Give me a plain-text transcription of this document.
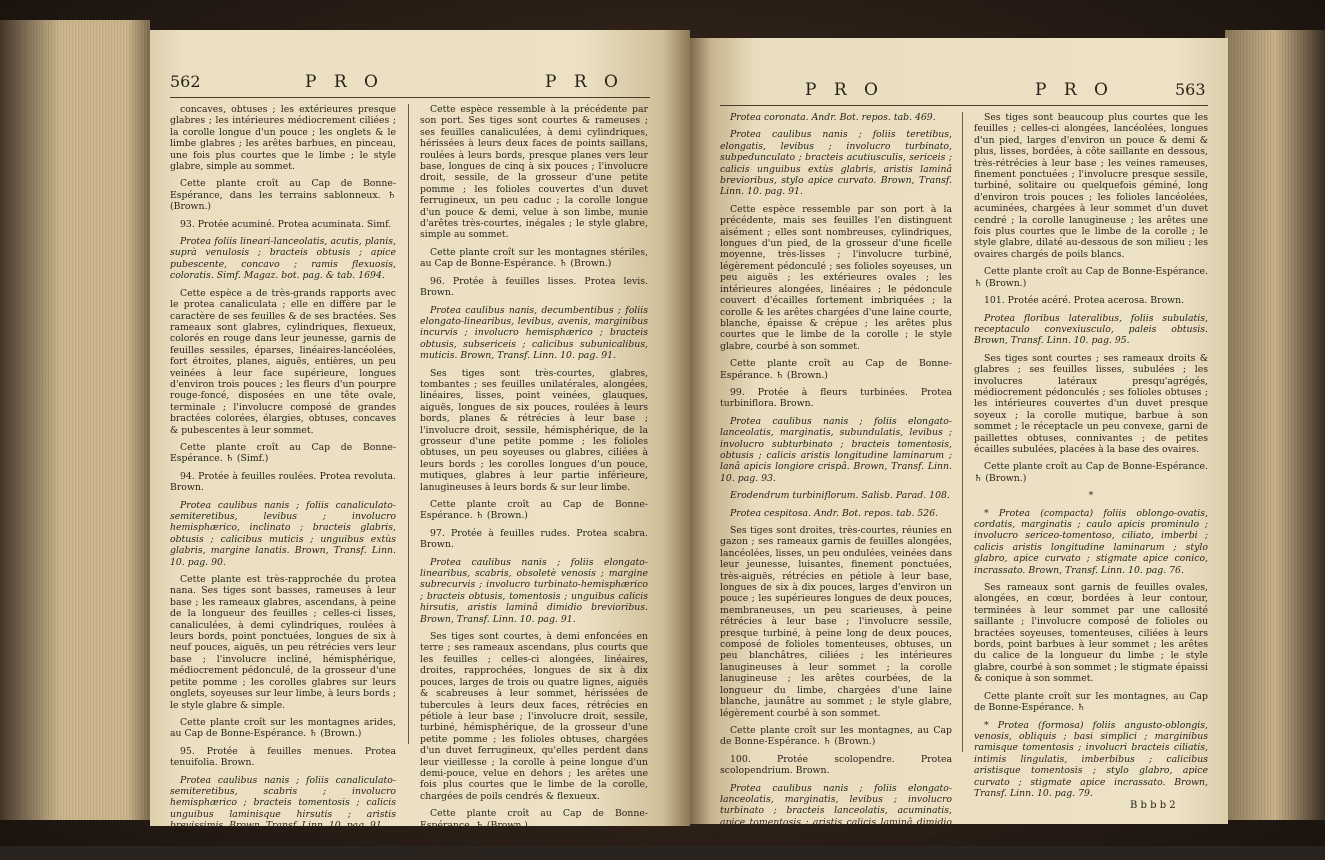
562	P R O	P R O

concaves, obtuses ; les extérieures presque glabres ; les intérieures médiocrement ciliées ; la corolle longue d'un pouce ; les onglets & le limbe glabres ; les arêtes barbues, en pinceau, une fois plus courtes que le limbe ; le style glabre, simple au sommet.

Cette plante croît au Cap de Bonne-Espérance, dans les terrains sablonneux. ♄ (Brown.)

93. Protée acuminé. Protea acuminata. Simf.

Protea foliis lineari-lanceolatis, acutis, planis, suprà venulosis ; bracteis obtusis ; apice pubescente, concavo ; ramis flexuosis, coloratis. Simf. Magaz. bot. pag. & tab. 1694.

Cette espèce a de très-grands rapports avec le protea canaliculata ; elle en diffère par le caractère de ses feuilles & de ses bractées. Ses rameaux sont glabres, cylindriques, flexueux, colorés en rouge dans leur jeunesse, garnis de feuilles sessiles, éparses, linéaires-lancéolées, fort étroites, planes, aiguës, entières, un peu veinées à leur face supérieure, longues d'environ trois pouces ; les fleurs d'un pourpre rouge-foncé, disposées en une tête ovale, terminale ; l'involucre composé de grandes bractées colorées, élargies, obtuses, concaves & pubescentes à leur sommet.

Cette plante croît au Cap de Bonne-Espérance. ♄ (Simf.)

94. Protée à feuilles roulées. Protea revoluta. Brown.

Protea caulibus nanis ; foliis canaliculato-semiteretibus, levibus ; involucro hemisphærico, inclinato ; bracteis glabris, obtusis ; calicibus muticis ; unguibus extùs glabris, margine lanatis. Brown, Transf. Linn. 10. pag. 90.

Cette plante est très-rapprochée du protea nana. Ses tiges sont basses, rameuses à leur base ; les rameaux glabres, ascendans, à peine de la longueur des feuilles ; celles-ci lisses, canaliculées, à demi cylindriques, roulées à leurs bords, point ponctuées, longues de six à neuf pouces, aiguës, un peu rétrécies vers leur base ; l'involucre incliné, hémisphérique, médiocrement pédonculé, de la grosseur d'une petite pomme ; les corolles glabres sur leurs onglets, soyeuses sur leur limbe, à leurs bords ; le style glabre & simple.

Cette plante croît sur les montagnes arides, au Cap de Bonne-Espérance. ♄ (Brown.)

95. Protée à feuilles menues. Protea tenuifolia. Brown.

Protea caulibus nanis ; foliis canaliculato-semiteretibus, scabris ; involucro hemisphærico ; bracteis tomentosis ; calicis unguibus laminisque hirsutis ; aristis brevissimis. Brown, Transf. Linn. 10. pag. 91.

Cette espèce ressemble à la précédente par son port. Ses tiges sont courtes & rameuses ; ses feuilles canaliculées, à demi cylindriques, hérissées à leurs deux faces de points saillans, roulées à leurs bords, presque planes vers leur base, longues de cinq à six pouces ; l'involucre droit, sessile, de la grosseur d'une petite pomme ; les folioles couvertes d'un duvet ferrugineux, un peu caduc ; la corolle longue d'un pouce & demi, velue à son limbe, munie d'arêtes très-courtes, inégales ; le style glabre, simple au sommet.

Cette plante croît sur les montagnes stériles, au Cap de Bonne-Espérance. ♄ (Brown.)

96. Protée à feuilles lisses. Protea levis. Brown.

Protea caulibus nanis, decumbentibus ; foliis elongato-linearibus, levibus, avenis, marginibus incurvis ; involucro hemisphærico ; bracteis obtusis, subsericeis ; calicibus subunicalibus, muticis. Brown, Transf. Linn. 10. pag. 91.

Ses tiges sont très-courtes, glabres, tombantes ; ses feuilles unilatérales, alongées, linéaires, lisses, point veinées, glauques, aiguës, longues de six pouces, roulées à leurs bords, planes & rétrécies à leur base ; l'involucre droit, sessile, hémisphérique, de la grosseur d'une petite pomme ; les folioles obtuses, un peu soyeuses ou glabres, ciliées à leurs bords ; les corolles longues d'un pouce, mutiques, glabres à leur partie inférieure, lanugineuses à leurs bords & sur leur limbe.

Cette plante croît au Cap de Bonne-Espérance. ♄ (Brown.)

97. Protée à feuilles rudes. Protea scabra. Brown.

Protea caulibus nanis ; foliis elongato-linearibus, scabris, obsoletè venosis ; margine subrecurvis ; involucro turbinato-hemisphærico ; bracteis obtusis, tomentosis ; unguibus calicis hirsutis, aristis laminâ dimidio brevioribus. Brown, Transf. Linn. 10. pag. 91.

Ses tiges sont courtes, à demi enfoncées en terre ; ses rameaux ascendans, plus courts que les feuilles ; celles-ci alongées, linéaires, droites, rapprochées, longues de six à dix pouces, larges de trois ou quatre lignes, aiguës & scabreuses à leur sommet, hérissées de tubercules à leurs deux faces, rétrécies en pétiole à leur base ; l'involucre droit, sessile, turbiné, hémisphérique, de la grosseur d'une petite pomme ; les folioles obtuses, chargées d'un duvet ferrugineux, qu'elles perdent dans leur vieillesse ; la corolle à peine longue d'un demi-pouce, velue en dehors ; les arêtes une fois plus courtes que le limbe de la corolle, chargées de poils cendrés & flexueux.

Cette plante croît au Cap de Bonne-Espérance. ♄ (Brown.)

98. Protée à feuilles en courroie. Protea lorea. Brown.

P R O	P R O	563

Protea coronata. Andr. Bot. repos. tab. 469.

Protea caulibus nanis ; foliis teretibus, elongatis, levibus ; involucro turbinato, subpedunculato ; bracteis acutiusculis, sericeis ; calicis unguibus extùs glabris, aristis laminâ brevioribus, stylo apice curvato. Brown, Transf. Linn. 10. pag. 91.

Cette espèce ressemble par son port à la précédente, mais ses feuilles l'en distinguent aisément ; elles sont nombreuses, cylindriques, longues d'un pied, de la grosseur d'une ficelle moyenne, très-lisses ; l'involucre turbiné, légèrement pédonculé ; ses folioles soyeuses, un peu aiguës ; les extérieures ovales ; les intérieures alongées, linéaires ; le pédoncule couvert d'écailles fortement imbriquées ; la corolle & les arêtes chargées d'une laine courte, blanche, épaisse & crépue ; les arêtes plus courtes que le limbe de la corolle ; le style glabre, courbé à son sommet.

Cette plante croît au Cap de Bonne-Espérance. ♄ (Brown.)

99. Protée à fleurs turbinées. Protea turbiniflora. Brown.

Protea caulibus nanis ; foliis elongato-lanceolatis, marginatis, subundulatis, levibus ; involucro subturbinato ; bracteis tomentosis, obtusis ; calicis aristis longitudine laminarum ; lanâ apicis longiore crispâ. Brown, Transf. Linn. 10. pag. 93.

Erodendrum turbiniflorum. Salisb. Parad. 108.

Protea cespitosa. Andr. Bot. repos. tab. 526.

Ses tiges sont droites, très-courtes, réunies en gazon ; ses rameaux garnis de feuilles alongées, lancéolées, lisses, un peu ondulées, veinées dans leur jeunesse, luisantes, finement ponctuées, très-aiguës, rétrécies en pétiole à leur base, longues de six à dix pouces, larges d'environ un pouce ; les supérieures longues de deux pouces, membraneuses, un peu scarieuses, à peine rétrécies à leur base ; l'involucre sessile, presque turbiné, à peine long de deux pouces, composé de folioles tomenteuses, obtuses, un peu blanchâtres, ciliées ; les intérieures lanugineuses à leur sommet ; la corolle lanugineuse ; les arêtes courbées, de la longueur du limbe, chargées d'une laine blanche, jaunâtre au sommet ; le style glabre, légèrement courbé à son sommet.

Cette plante croît sur les montagnes, au Cap de Bonne-Espérance. ♄ (Brown.)

100. Protée scolopendre. Protea scolopendrium. Brown.

Protea caulibus nanis ; foliis elongato-lanceolatis, marginatis, levibus ; involucro turbinato ; bracteis lanceolatis, acuminatis, apice tomentosis ; aristis calicis laminâ dimidio brevioribus. Brown, Transf. Linn. 10. pag. 94.

Ses tiges sont beaucoup plus courtes que les feuilles ; celles-ci alongées, lancéolées, longues d'un pied, larges d'environ un pouce & demi & plus, lisses, bordées, à côte saillante en dessous, très-rétrécies à leur base ; les veines rameuses, finement ponctuées ; l'involucre presque sessile, turbiné, solitaire ou quelquefois géminé, long d'environ trois pouces ; les folioles lancéolées, acuminées, chargées à leur sommet d'un duvet cendré ; la corolle lanugineuse ; les arêtes une fois plus courtes que le limbe de la corolle ; le style glabre, dilaté au-dessous de son milieu ; les ovaires chargés de poils blancs.

Cette plante croît au Cap de Bonne-Espérance. ♄ (Brown.)

101. Protée acéré. Protea acerosa. Brown.

Protea floribus lateralibus, foliis subulatis, receptaculo convexiusculo, paleis obtusis. Brown, Transf. Linn. 10. pag. 95.

Ses tiges sont courtes ; ses rameaux droits & glabres ; ses feuilles lisses, subulées ; les involucres latéraux presqu'agrégés, médiocrement pédonculés ; ses folioles obtuses ; les intérieures couvertes d'un duvet presque soyeux ; la corolle mutique, barbue à son sommet ; le réceptacle un peu convexe, garni de paillettes obtuses, connivantes ; de petites écailles subulées, placées à la base des ovaires.

Cette plante croît au Cap de Bonne-Espérance. ♄ (Brown.)

*

* Protea (compacta) foliis oblongo-ovatis, cordatis, marginatis ; caulo apicis prominulo ; involucro sericeo-tomentoso, ciliato, imberbi ; calicis aristis longitudine laminarum ; stylo glabro, apice curvato ; stigmate apice conico, incrassato. Brown, Transf. Linn. 10. pag. 76.

Ses rameaux sont garnis de feuilles ovales, alongées, en cœur, bordées à leur contour, terminées à leur sommet par une callosité saillante ; l'involucre composé de folioles ou bractées soyeuses, tomenteuses, ciliées à leurs bords, point barbues à leur sommet ; les arêtes du calice de la longueur du limbe ; le style glabre, courbé à son sommet ; le stigmate épaissi & conique à son sommet.

Cette plante croît sur les montagnes, au Cap de Bonne-Espérance. ♄

* Protea (formosa) foliis angusto-oblongis, venosis, obliquis ; basi simplici ; marginibus ramisque tomentosis ; involucri bracteis ciliatis, intimis lingulatis, imberbibus ; calicibus aristisque tomentosis ; stylo glabro, apice curvato ; stigmate apice incrassato. Brown, Transf. Linn. 10. pag. 79.

B b b b 2
